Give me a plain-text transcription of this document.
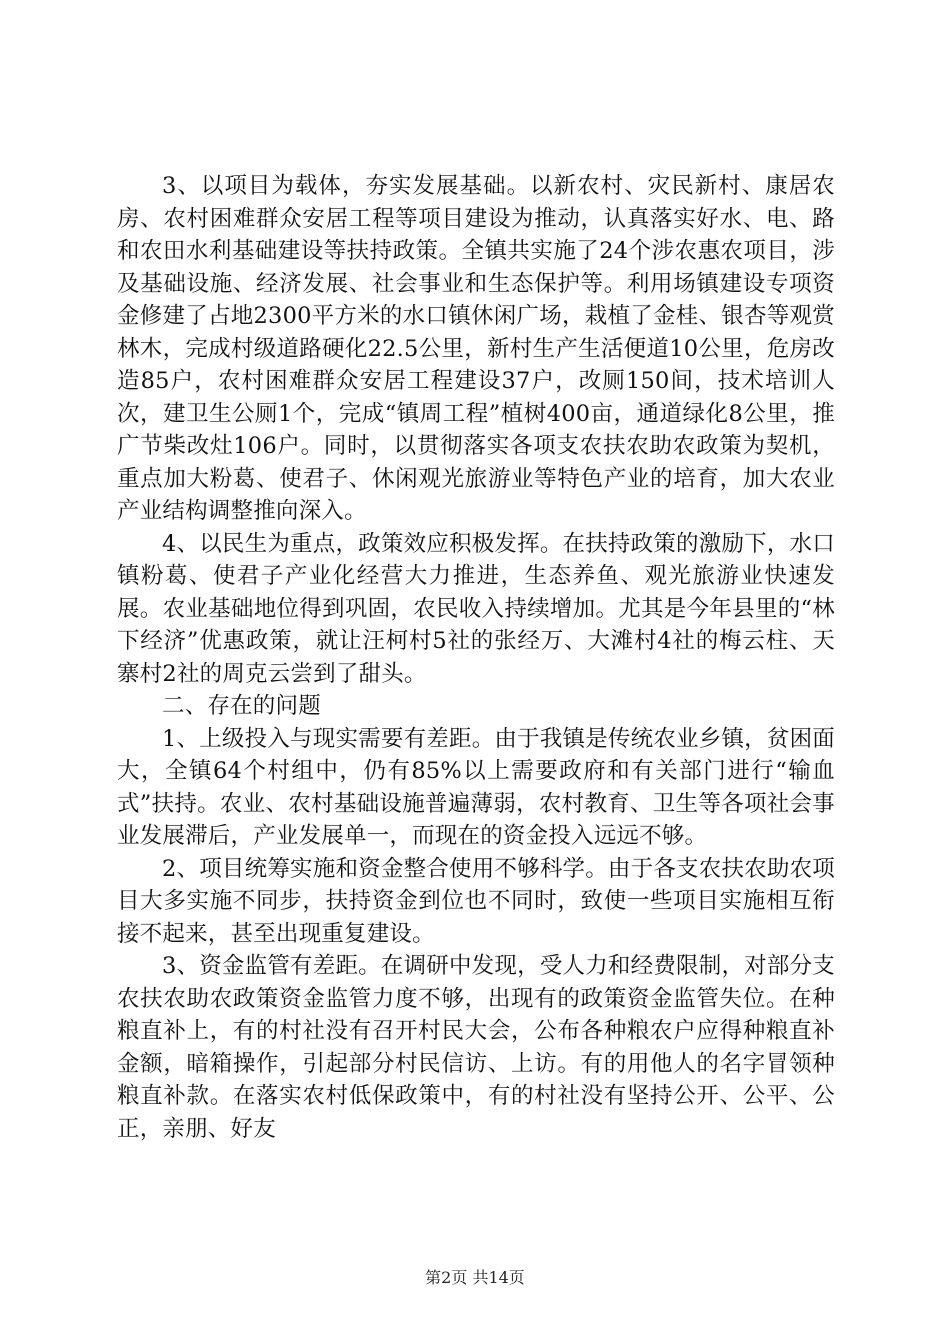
3、以项目为载体，夯实发展基础。以新农村、灾民新村、康居农房、农村困难群众安居工程等项目建设为推动，认真落实好水、电、路和农田水利基础建设等扶持政策。全镇共实施了24个涉农惠农项目，涉及基础设施、经济发展、社会事业和生态保护等。利用场镇建设专项资金修建了占地2300平方米的水口镇休闲广场，栽植了金桂、银杏等观赏林木，完成村级道路硬化22.5公里，新村生产生活便道10公里，危房改造85户，农村困难群众安居工程建设37户，改厕150间，技术培训人次，建卫生公厕1个，完成“镇周工程”植树400亩，通道绿化8公里，推广节柴改灶106户。同时，以贯彻落实各项支农扶农助农政策为契机，重点加大粉葛、使君子、休闲观光旅游业等特色产业的培育，加大农业产业结构调整推向深入。

4、以民生为重点，政策效应积极发挥。在扶持政策的激励下，水口镇粉葛、使君子产业化经营大力推进，生态养鱼、观光旅游业快速发展。农业基础地位得到巩固，农民收入持续增加。尤其是今年县里的“林下经济”优惠政策，就让汪柯村5社的张经万、大滩村4社的梅云柱、天寨村2社的周克云尝到了甜头。

二、存在的问题

1、上级投入与现实需要有差距。由于我镇是传统农业乡镇，贫困面大，全镇64个村组中，仍有85%以上需要政府和有关部门进行“输血式”扶持。农业、农村基础设施普遍薄弱，农村教育、卫生等各项社会事业发展滞后，产业发展单一，而现在的资金投入远远不够。

2、项目统筹实施和资金整合使用不够科学。由于各支农扶农助农项目大多实施不同步，扶持资金到位也不同时，致使一些项目实施相互衔接不起来，甚至出现重复建设。

3、资金监管有差距。在调研中发现，受人力和经费限制，对部分支农扶农助农政策资金监管力度不够，出现有的政策资金监管失位。在种粮直补上，有的村社没有召开村民大会，公布各种粮农户应得种粮直补金额，暗箱操作，引起部分村民信访、上访。有的用他人的名字冒领种粮直补款。在落实农村低保政策中，有的村社没有坚持公开、公平、公正，亲朋、好友

第2页 共14页
